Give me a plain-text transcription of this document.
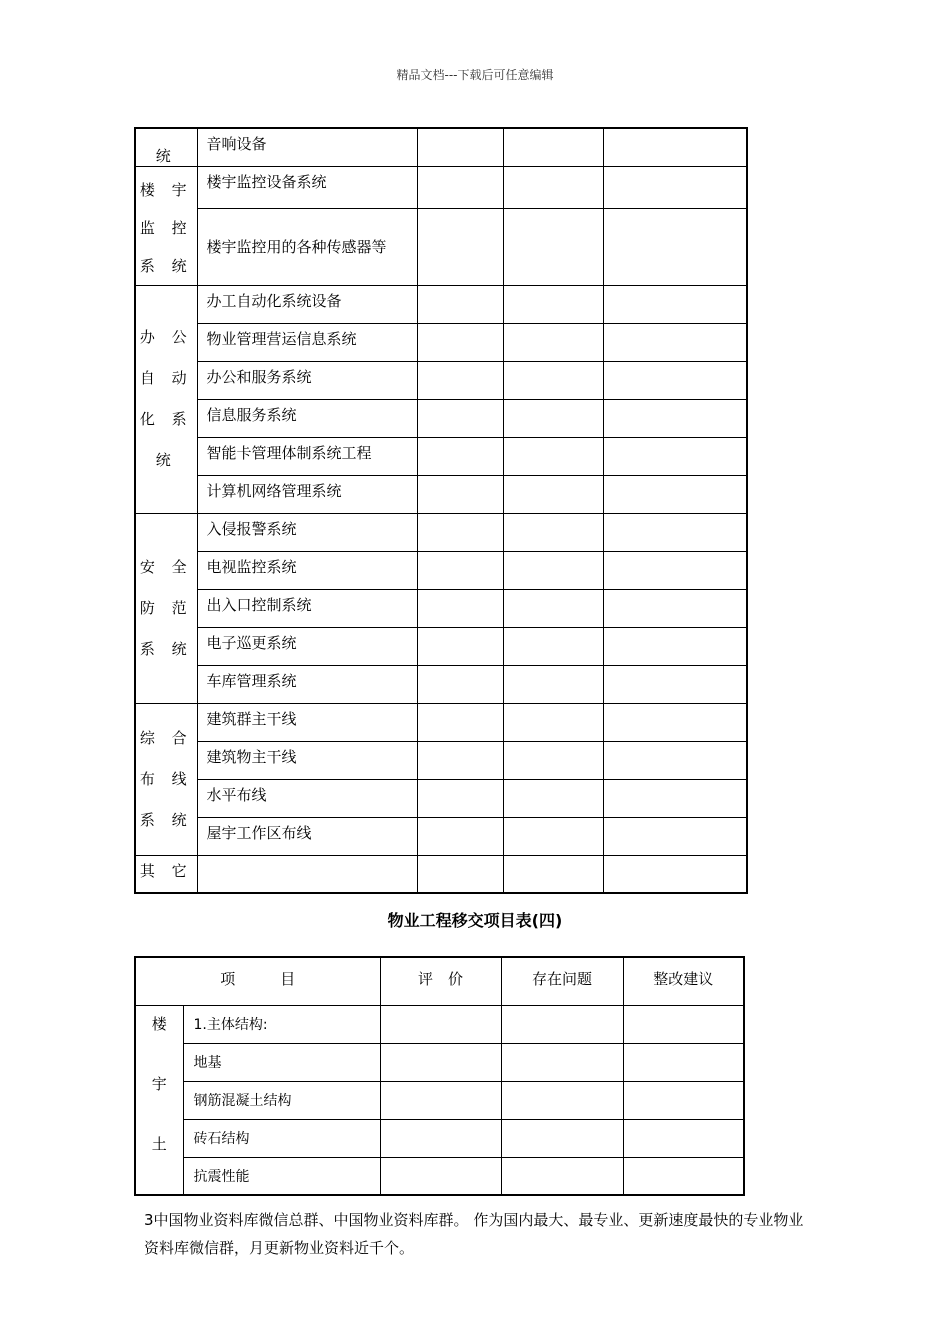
精品文档---下载后可任意编辑
统	音响设备			

楼 宇
监 控
系 统	楼宇监控设备系统			
	楼宇监控用的各种传感器等			

办 公
自 动
化 系
统	办工自动化系统设备			
	物业管理营运信息系统			
	办公和服务系统			
	信息服务系统			
	智能卡管理体制系统工程			
	计算机网络管理系统			

安 全
防 范
系 统	入侵报警系统			
	电视监控系统			
	出入口控制系统			
	电子巡更系统			
	车库管理系统			

综 合
布 线
系 统	建筑群主干线			
	建筑物主干线			
	水平布线			
	屋宇工作区布线			
其 它				
物业工程移交项目表(四)
项　　　目		评　价	存在问题	整改建议

楼
宇
土	1.主体结构:			
	地基			
	钢筋混凝土结构			
	砖石结构			
	抗震性能			
3中国物业资料库微信总群、中国物业资料库群。 作为国内最大、最专业、更新速度最快的专业物业资料库微信群，月更新物业资料近千个。
